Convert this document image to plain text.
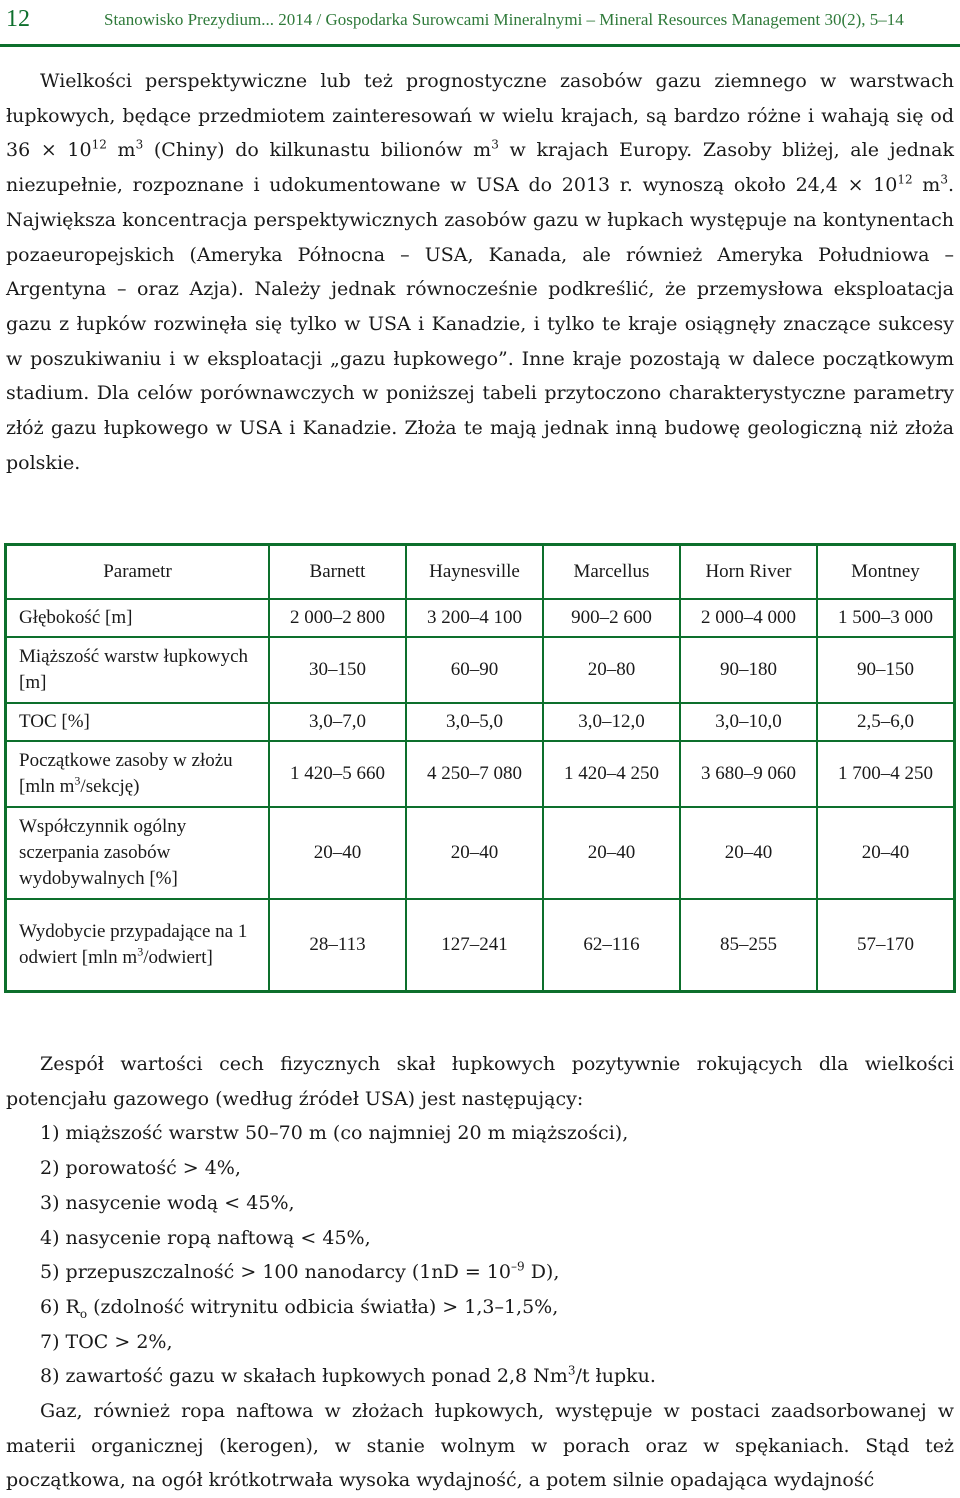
12	Stanowisko Prezydium... 2014 / Gospodarka Surowcami Mineralnymi – Mineral Resources Management 30(2), 5–14
Wielkości perspektywiczne lub też prognostyczne zasobów gazu ziemnego w warstwach łupkowych, będące przedmiotem zainteresowań w wielu krajach, są bardzo różne i wahają się od $36 \times 10^{12}$ $m^3$ (Chiny) do kilkunastu bilionów $m^3$ w krajach Europy. Zasoby bliżej, ale jednak niezupełnie, rozpoznane i udokumentowane w USA do 2013 r. wynoszą około $24,4 \times 10^{12}$ $m^3$. Największa koncentracja perspektywicznych zasobów gazu w łupkach występuje na kontynentach pozaeuropejskich (Ameryka Północna – USA, Kanada, ale również Ameryka Południowa – Argentyna – oraz Azja). Należy jednak równocześnie podkreślić, że przemysłowa eksploatacja gazu z łupków rozwinęła się tylko w USA i Kanadzie, i tylko te kraje osiągnęły znaczące sukcesy w poszukiwaniu i w eksploatacji „gazu łupkowego”. Inne kraje pozostają w dalece początkowym stadium. Dla celów porównawczych w poniższej tabeli przytoczono charakterystyczne parametry złóż gazu łupkowego w USA i Kanadzie. Złoża te mają jednak inną budowę geologiczną niż złoża polskie.
Parametr	Barnett	Haynesville	Marcellus	Horn River	Montney
Głębokość [m]	2 000–2 800	3 200–4 100	900–2 600	2 000–4 000	1 500–3 000
Miąższość warstw łupkowych [m]	30–150	60–90	20–80	90–180	90–150
TOC [%]	3,0–7,0	3,0–5,0	3,0–12,0	3,0–10,0	2,5–6,0
Początkowe zasoby w złożu [mln $m^3/sekcję$)	1 420–5 660	4 250–7 080	1 420–4 250	3 680–9 060	1 700–4 250
Współczynnik ogólny sczerpania zasobów wydobywalnych [%]	20–40	20–40	20–40	20–40	20–40
Wydobycie przypadające na 1 odwiert [mln $m^3/odwiert$]	28–113	127–241	62–116	85–255	57–170

Zespół wartości cech fizycznych skał łupkowych pozytywnie rokujących dla wielkości potencjału gazowego (według źródeł USA) jest następujący:

1) miąższość warstw 50–70 m (co najmniej 20 m miąższości),

2) porowatość > 4%,

3) nasycenie wodą < 45%,

4) nasycenie ropą naftową < 45%,

5) przepuszczalność > 100 nanodarcy ($1nD = 10^{-9}$ D),

6) $R_o$ (zdolność witrynitu odbicia światła) > 1,3–1,5%,

7) TOC > 2%,

8) zawartość gazu w skałach łupkowych ponad 2,8 Nm$^3$/t łupku.

Gaz, również ropa naftowa w złożach łupkowych, występuje w postaci zaadsorbowanej w materii organicznej (kerogen), w stanie wolnym w porach oraz w spękaniach. Stąd też początkowa, na ogół krótkotrwała wysoka wydajność, a potem silnie opadająca wydajność
